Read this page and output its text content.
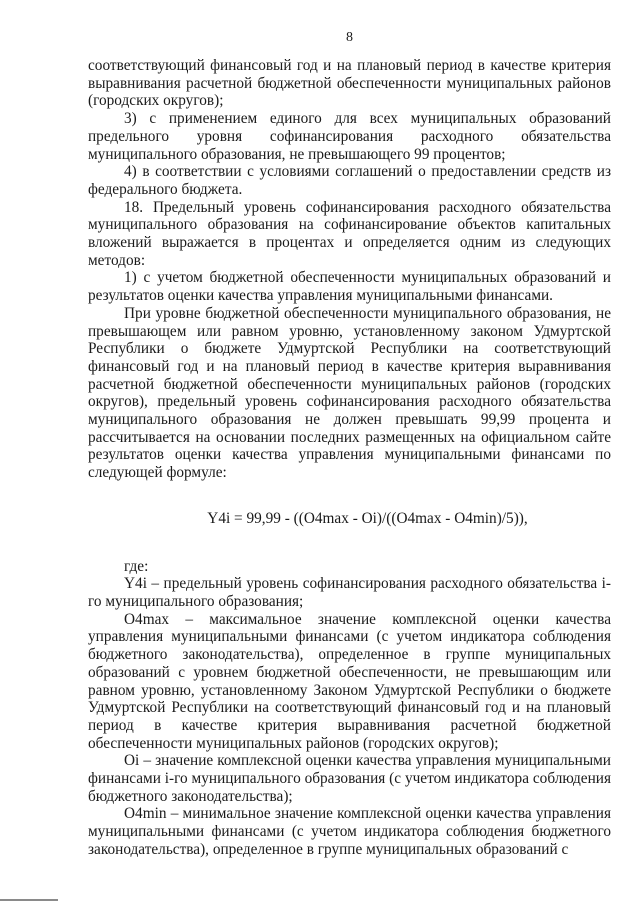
8

соответствующий финансовый год и на плановый период в качестве критерия выравнивания расчетной бюджетной обеспеченности муниципальных районов (городских округов);

3) с применением единого для всех муниципальных образований предельного уровня софинансирования расходного обязательства муниципального образования, не превышающего 99 процентов;

4) в соответствии с условиями соглашений о предоставлении средств из федерального бюджета.

18. Предельный уровень софинансирования расходного обязательства муниципального образования на софинансирование объектов капитальных вложений выражается в процентах и определяется одним из следующих методов:

1) с учетом бюджетной обеспеченности муниципальных образований и результатов оценки качества управления муниципальными финансами.

При уровне бюджетной обеспеченности муниципального образования, не превышающем или равном уровню, установленному законом Удмуртской Республики о бюджете Удмуртской Республики на соответствующий финансовый год и на плановый период в качестве критерия выравнивания расчетной бюджетной обеспеченности муниципальных районов (городских округов), предельный уровень софинансирования расходного обязательства муниципального образования не должен превышать 99,99 процента и рассчитывается на основании последних размещенных на официальном сайте результатов оценки качества управления муниципальными финансами по следующей формуле:

Y4i = 99,99 - ((O4max - Oi)/((O4max - O4min)/5)),

где:

Y4i – предельный уровень софинансирования расходного обязательства i-го муниципального образования;

O4max – максимальное значение комплексной оценки качества управления муниципальными финансами (с учетом индикатора соблюдения бюджетного законодательства), определенное в группе муниципальных образований с уровнем бюджетной обеспеченности, не превышающим или равном уровню, установленному Законом Удмуртской Республики о бюджете Удмуртской Республики на соответствующий финансовый год и на плановый период в качестве критерия выравнивания расчетной бюджетной обеспеченности муниципальных районов (городских округов);

Oi – значение комплексной оценки качества управления муниципальными финансами i-го муниципального образования (с учетом индикатора соблюдения бюджетного законодательства);

O4min – минимальное значение комплексной оценки качества управления муниципальными финансами (с учетом индикатора соблюдения бюджетного законодательства), определенное в группе муниципальных образований с
